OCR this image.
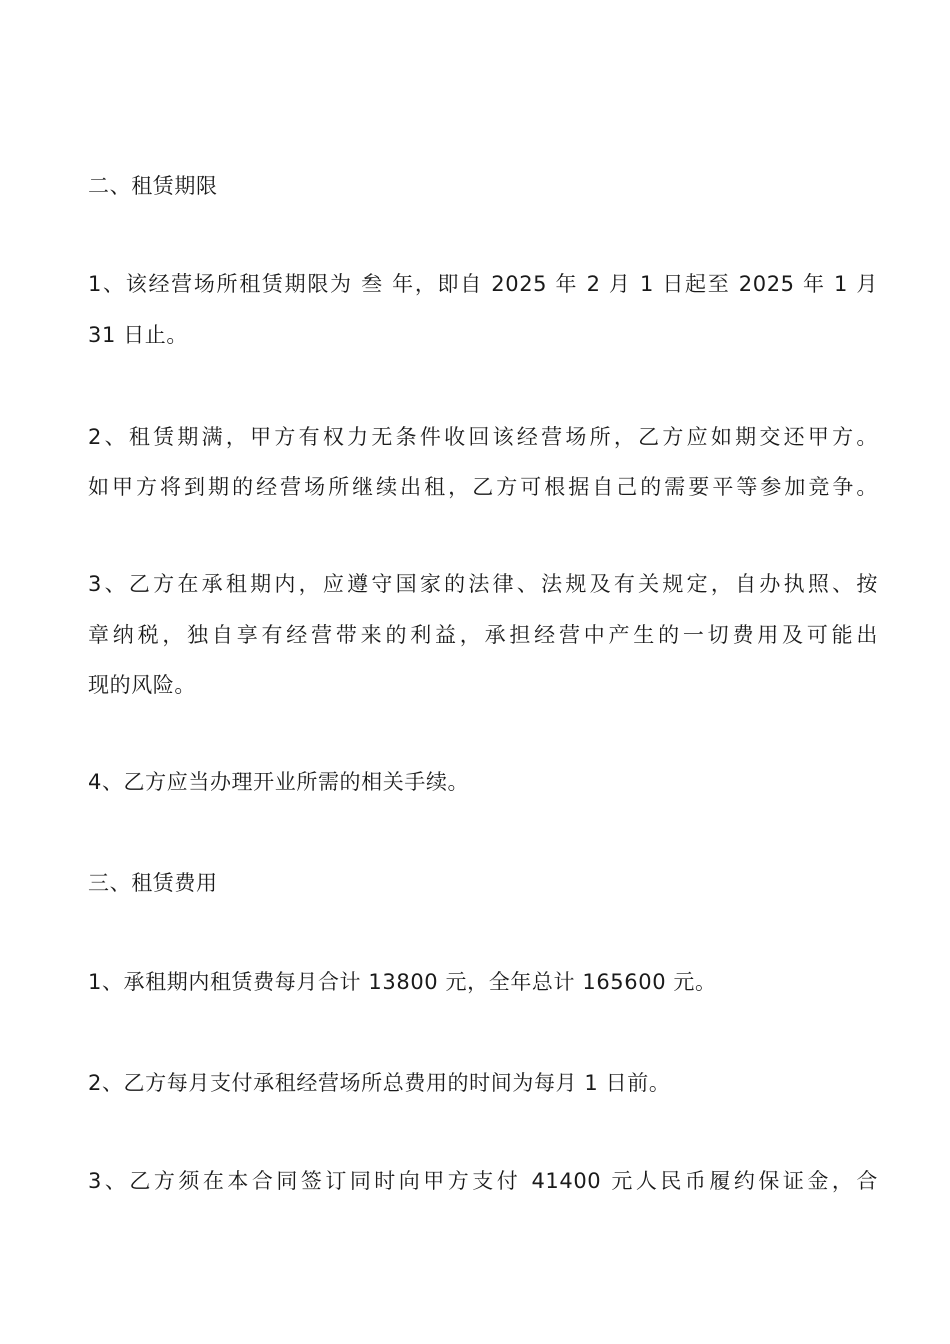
二、租赁期限
1、该经营场所租赁期限为 叁 年，即自 2025 年 2 月 1 日起至 2025 年 1 月
31 日止。
2、租赁期满，甲方有权力无条件收回该经营场所，乙方应如期交还甲方。
如甲方将到期的经营场所继续出租，乙方可根据自己的需要平等参加竞争。
3、乙方在承租期内，应遵守国家的法律、法规及有关规定，自办执照、按
章纳税，独自享有经营带来的利益，承担经营中产生的一切费用及可能出
现的风险。
4、乙方应当办理开业所需的相关手续。
三、租赁费用
1、承租期内租赁费每月合计 13800 元，全年总计 165600 元。
2、乙方每月支付承租经营场所总费用的时间为每月 1 日前。
3、乙方须在本合同签订同时向甲方支付 41400 元人民币履约保证金，合
